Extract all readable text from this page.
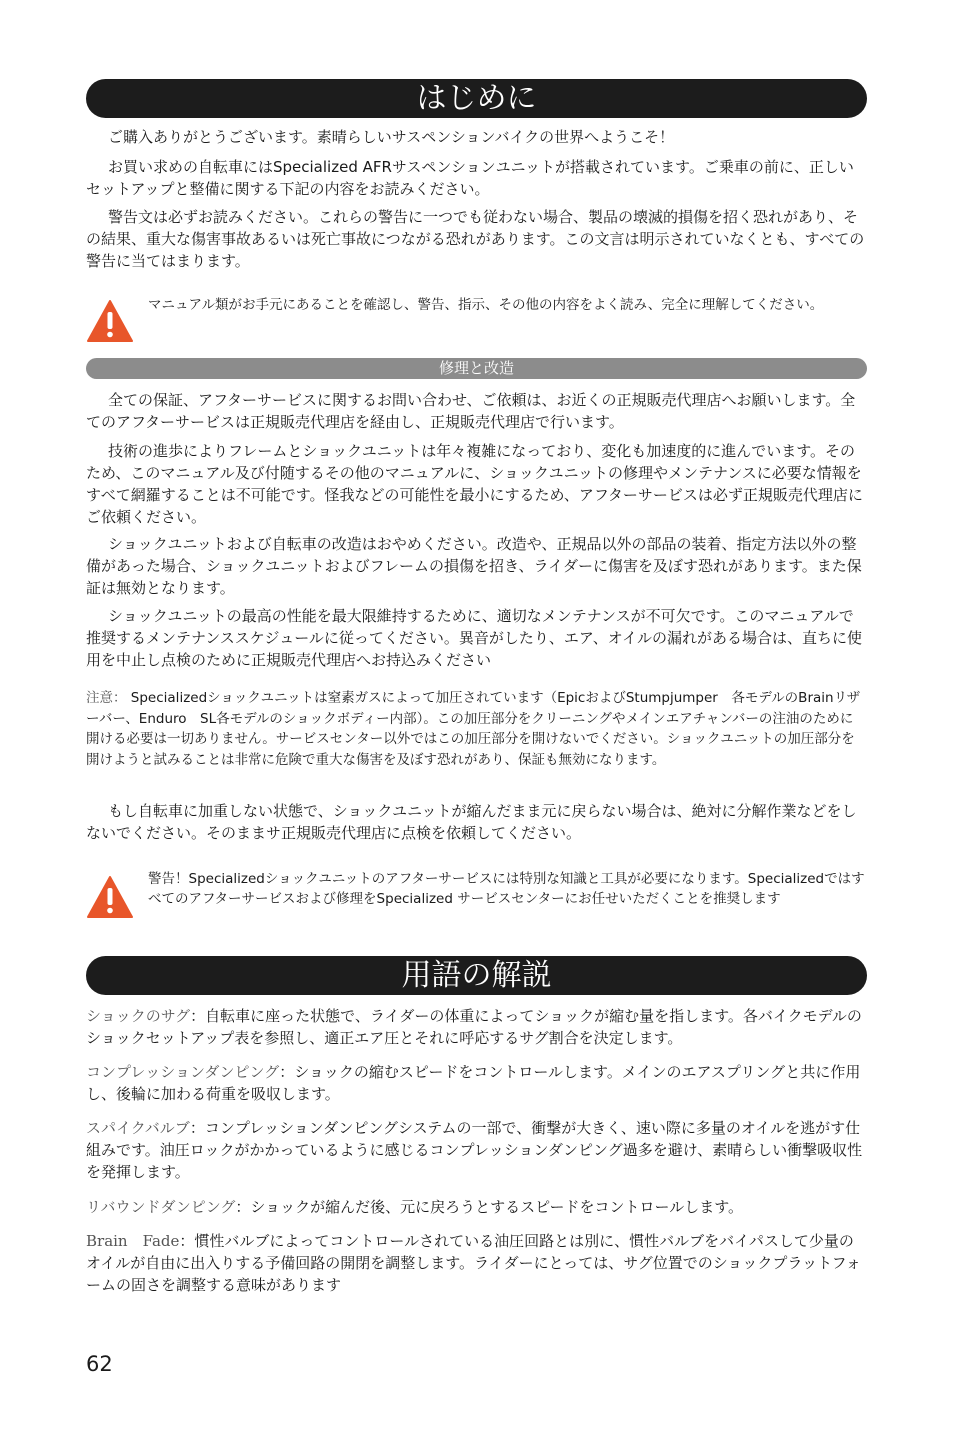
はじめに

ご購入ありがとうございます。素晴らしいサスペンションバイクの世界へようこそ！

お買い求めの自転車にはSpecialized AFRサスペンションユニットが搭載されています。ご乗車の前に、正しいセットアップと整備に関する下記の内容をお読みください。

警告文は必ずお読みください。これらの警告に一つでも従わない場合、製品の壊滅的損傷を招く恐れがあり、その結果、重大な傷害事故あるいは死亡事故につながる恐れがあります。この文言は明示されていなくとも、すべての警告に当てはまります。

マニュアル類がお手元にあることを確認し、警告、指示、その他の内容をよく読み、完全に理解してください。

修理と改造

全ての保証、アフターサービスに関するお問い合わせ、ご依頼は、お近くの正規販売代理店へお願いします。全てのアフターサービスは正規販売代理店を経由し、正規販売代理店で行います。

技術の進歩によりフレームとショックユニットは年々複雑になっており、変化も加速度的に進んでいます。そのため、このマニュアル及び付随するその他のマニュアルに、ショックユニットの修理やメンテナンスに必要な情報をすべて網羅することは不可能です。怪我などの可能性を最小にするため、アフターサービスは必ず正規販売代理店にご依頼ください。

ショックユニットおよび自転車の改造はおやめください。改造や、正規品以外の部品の装着、指定方法以外の整備があった場合、ショックユニットおよびフレームの損傷を招き、ライダーに傷害を及ぼす恐れがあります。また保証は無効となります。

ショックユニットの最高の性能を最大限維持するために、適切なメンテナンスが不可欠です。このマニュアルで推奨するメンテナンススケジュールに従ってください。異音がしたり、エア、オイルの漏れがある場合は、直ちに使用を中止し点検のために正規販売代理店へお持込みください

注意： Specializedショックユニットは窒素ガスによって加圧されています（EpicおよびStumpjumper　各モデルのBrainリザーバー、Enduro　SL各モデルのショックボディー内部）。この加圧部分をクリーニングやメインエアチャンバーの注油のために開ける必要は一切ありません。サービスセンター以外ではこの加圧部分を開けないでください。ショックユニットの加圧部分を開けようと試みることは非常に危険で重大な傷害を及ぼす恐れがあり、保証も無効になります。

もし自転車に加重しない状態で、ショックユニットが縮んだまま元に戻らない場合は、絶対に分解作業などをしないでください。そのままサ正規販売代理店に点検を依頼してください。

警告！Specializedショックユニットのアフターサービスには特別な知識と工具が必要になります。Specializedではすべてのアフターサービスおよび修理をSpecialized サービスセンターにお任せいただくことを推奨します

用語の解説

ショックのサグ：自転車に座った状態で、ライダーの体重によってショックが縮む量を指します。各バイクモデルのショックセットアップ表を参照し、適正エア圧とそれに呼応するサグ割合を決定します。

コンプレッションダンピング：ショックの縮むスピードをコントロールします。メインのエアスプリングと共に作用し、後輪に加わる荷重を吸収します。

スパイクバルブ：コンプレッションダンピングシステムの一部で、衝撃が大きく、速い際に多量のオイルを逃がす仕組みです。油圧ロックがかかっているように感じるコンプレッションダンピング過多を避け、素晴らしい衝撃吸収性を発揮します。

リバウンドダンピング：ショックが縮んだ後、元に戻ろうとするスピードをコントロールします。

Brain　Fade：慣性バルブによってコントロールされている油圧回路とは別に、慣性バルブをバイパスして少量のオイルが自由に出入りする予備回路の開閉を調整します。ライダーにとっては、サグ位置でのショックプラットフォームの固さを調整する意味があります

62
